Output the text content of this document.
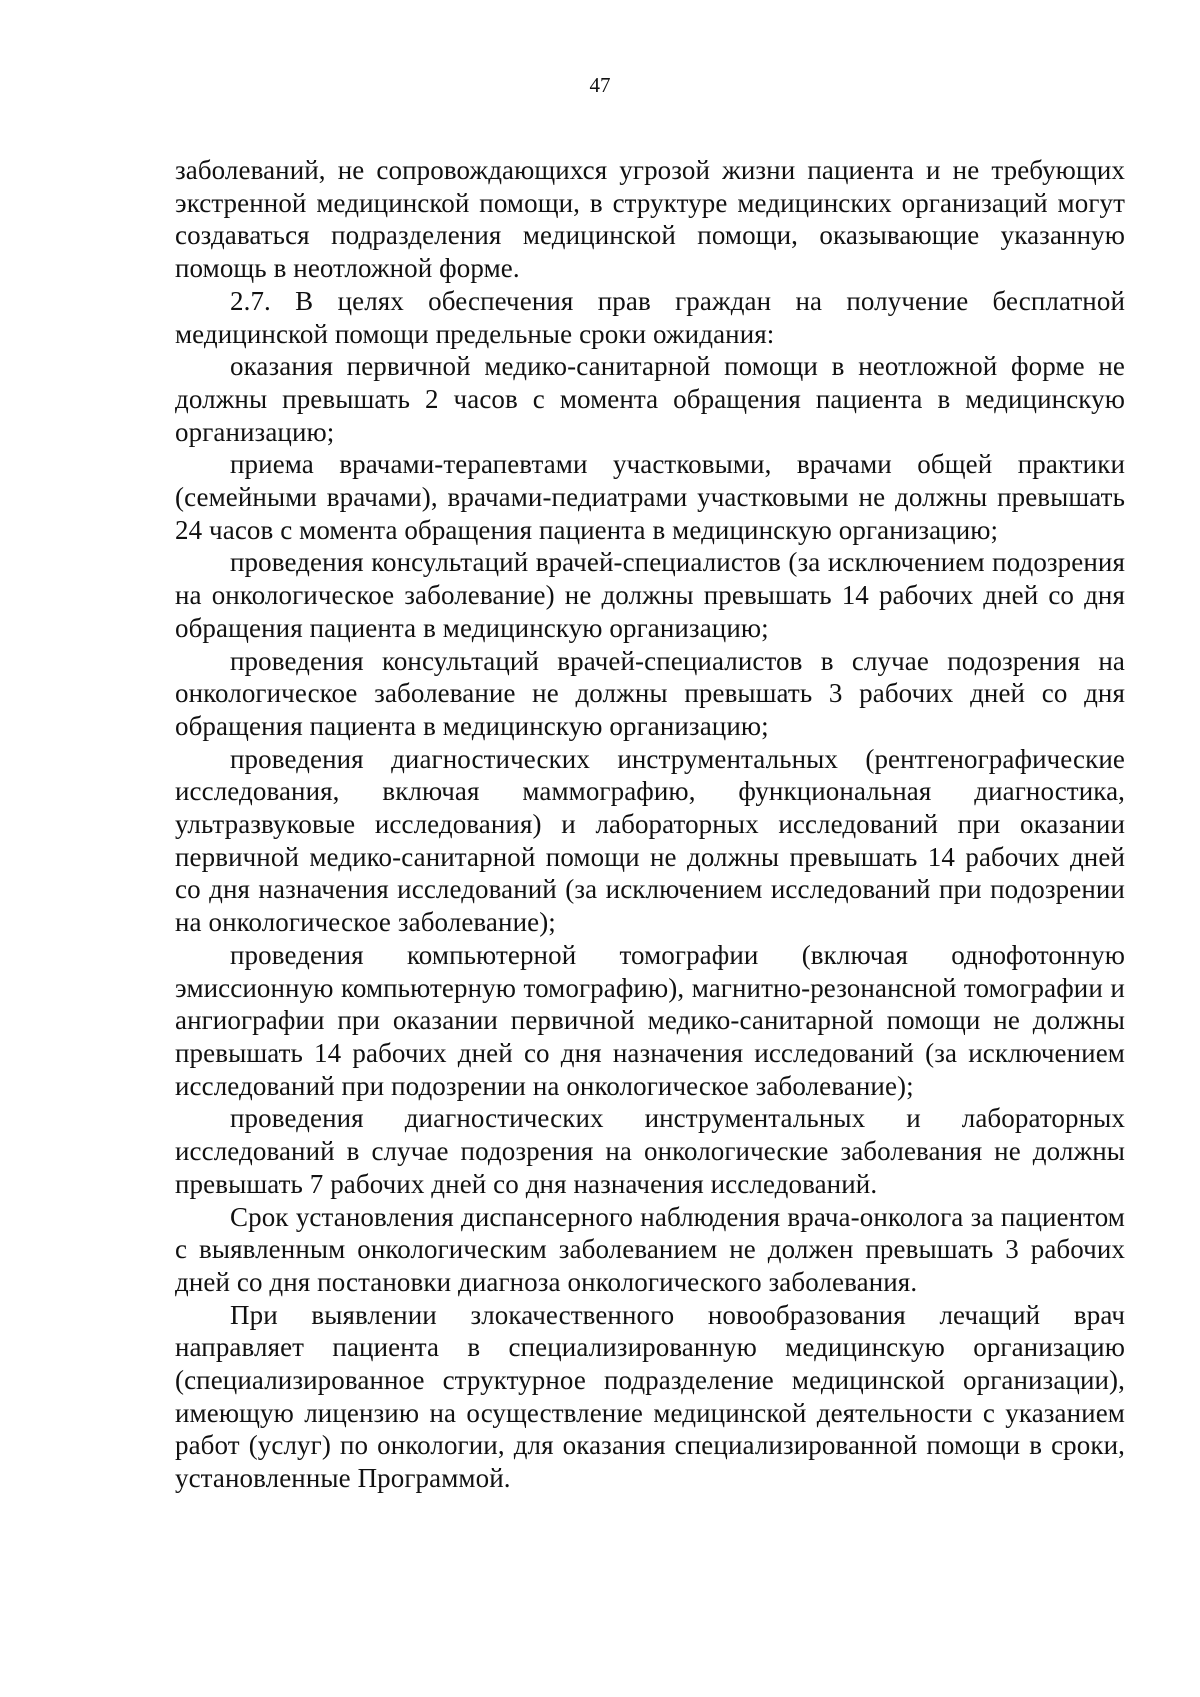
47

заболеваний, не сопровождающихся угрозой жизни пациента и не требующих экстренной медицинской помощи, в структуре медицинских организаций могут создаваться подразделения медицинской помощи, оказывающие указанную помощь в неотложной форме.

2.7. В целях обеспечения прав граждан на получение бесплатной медицинской помощи предельные сроки ожидания:

оказания первичной медико-санитарной помощи в неотложной форме не должны превышать 2 часов с момента обращения пациента в медицинскую организацию;

приема врачами-терапевтами участковыми, врачами общей практики (семейными врачами), врачами-педиатрами участковыми не должны превышать 24 часов с момента обращения пациента в медицинскую организацию;

проведения консультаций врачей-специалистов (за исключением подозрения на онкологическое заболевание) не должны превышать 14 рабочих дней со дня обращения пациента в медицинскую организацию;

проведения консультаций врачей-специалистов в случае подозрения на онкологическое заболевание не должны превышать 3 рабочих дней со дня обращения пациента в медицинскую организацию;

проведения диагностических инструментальных (рентгенографические исследования, включая маммографию, функциональная диагностика, ультразвуковые исследования) и лабораторных исследований при оказании первичной медико-санитарной помощи не должны превышать 14 рабочих дней со дня назначения исследований (за исключением исследований при подозрении на онкологическое заболевание);

проведения компьютерной томографии (включая однофотонную эмиссионную компьютерную томографию), магнитно-резонансной томографии и ангиографии при оказании первичной медико-санитарной помощи не должны превышать 14 рабочих дней со дня назначения исследований (за исключением исследований при подозрении на онкологическое заболевание);

проведения диагностических инструментальных и лабораторных исследований в случае подозрения на онкологические заболевания не должны превышать 7 рабочих дней со дня назначения исследований.

Срок установления диспансерного наблюдения врача-онколога за пациентом с выявленным онкологическим заболеванием не должен превышать 3 рабочих дней со дня постановки диагноза онкологического заболевания.

При выявлении злокачественного новообразования лечащий врач направляет пациента в специализированную медицинскую организацию (специализированное структурное подразделение медицинской организации), имеющую лицензию на осуществление медицинской деятельности с указанием работ (услуг) по онкологии, для оказания специализированной помощи в сроки, установленные Программой.
